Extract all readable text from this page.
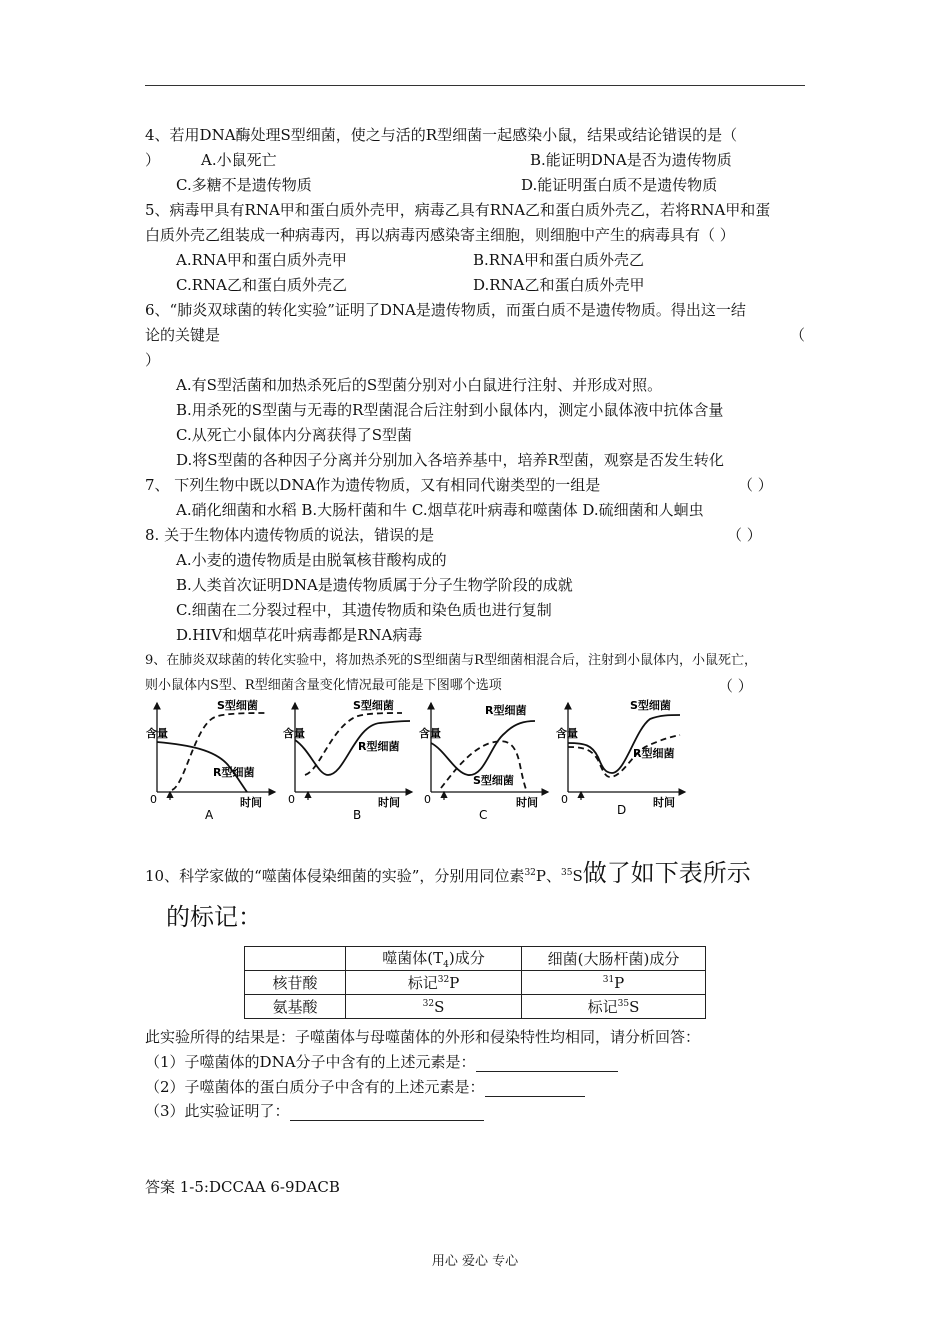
4、若用DNA酶处理S型细菌，使之与活的R型细菌一起感染小鼠，结果或结论错误的是（
）	A.小鼠死亡	B.能证明DNA是否为遗传物质
C.多糖不是遗传物质	D.能证明蛋白质不是遗传物质
5、病毒甲具有RNA甲和蛋白质外壳甲，病毒乙具有RNA乙和蛋白质外壳乙，若将RNA甲和蛋
白质外壳乙组装成一种病毒丙，再以病毒丙感染寄主细胞，则细胞中产生的病毒具有（ ）
A.RNA甲和蛋白质外壳甲	B.RNA甲和蛋白质外壳乙
C.RNA乙和蛋白质外壳乙	D.RNA乙和蛋白质外壳甲
6、“肺炎双球菌的转化实验”证明了DNA是遗传物质，而蛋白质不是遗传物质。得出这一结
论的关键是	（
）
A.有S型活菌和加热杀死后的S型菌分别对小白鼠进行注射、并形成对照。
B.用杀死的S型菌与无毒的R型菌混合后注射到小鼠体内，测定小鼠体液中抗体含量
C.从死亡小鼠体内分离获得了S型菌
D.将S型菌的各种因子分离并分别加入各培养基中，培养R型菌，观察是否发生转化
7、 下列生物中既以DNA作为遗传物质，又有相同代谢类型的一组是	（ ）
A.硝化细菌和水稻 B.大肠杆菌和牛 C.烟草花叶病毒和噬菌体 D.硫细菌和人蛔虫
8. 关于生物体内遗传物质的说法，错误的是	（ ）
A.小麦的遗传物质是由脱氧核苷酸构成的
B.人类首次证明DNA是遗传物质属于分子生物学阶段的成就
C.细菌在二分裂过程中，其遗传物质和染色质也进行复制
D.HIV和烟草花叶病毒都是RNA病毒
9、在肺炎双球菌的转化实验中，将加热杀死的S型细菌与R型细菌相混合后，注射到小鼠体内，小鼠死亡，
则小鼠体内S型、R型细菌含量变化情况最可能是下图哪个选项	（ ）
含量
0	时间
S型细菌
R型细菌
A
含量
0	时间
S型细菌
R型细菌
B
含量
0	时间
R型细菌
S型细菌
C
含量
0	时间
S型细菌
R型细菌
D
10、科学家做的“噬菌体侵染细菌的实验”，分别用同位素$^{32}$P、$^{35}$S做了如下表所示
的标记：
	噬菌体$(T_4)$成分	细菌(大肠杆菌)成分
核苷酸	标记$^{32}$P	$^{31}$P
氨基酸	$^{32}$S	标记$^{35}$S
此实验所得的结果是：子噬菌体与母噬菌体的外形和侵染特性均相同，请分析回答：
（1）子噬菌体的DNA分子中含有的上述元素是：
（2）子噬菌体的蛋白质分子中含有的上述元素是：
（3）此实验证明了：
答案 1-5:DCCAA 6-9DACB
用心 爱心 专心
